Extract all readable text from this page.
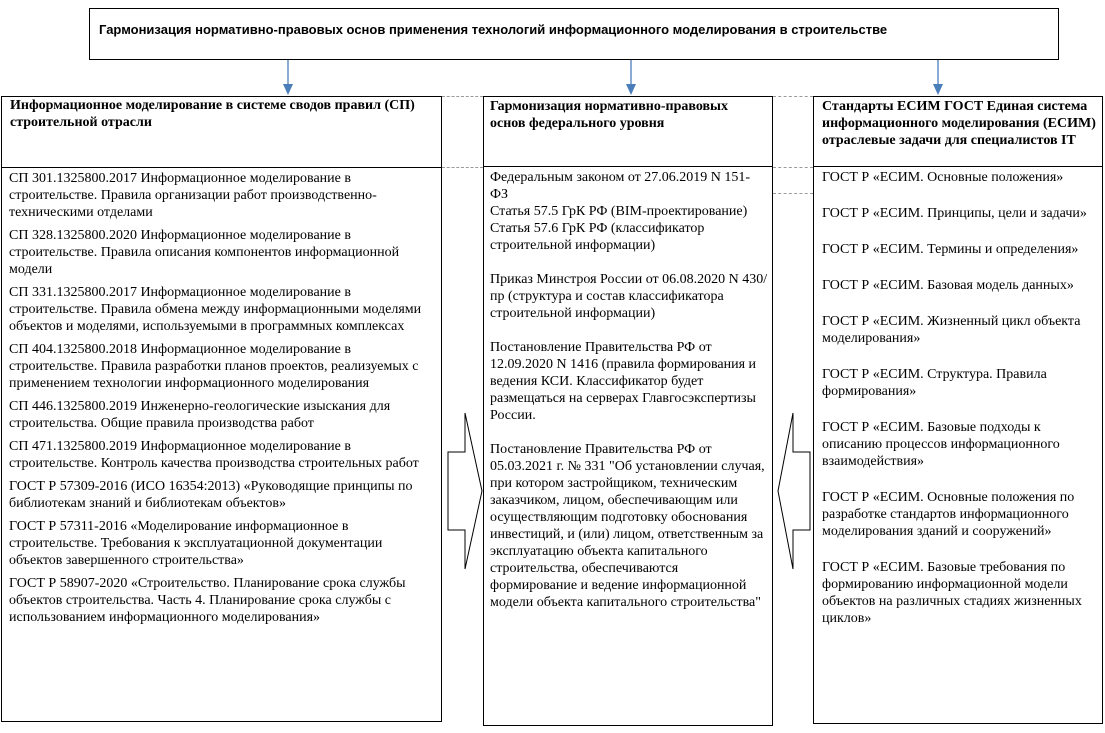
Гармонизация нормативно-правовых основ применения технологий информационного моделирования в строительстве
Информационное моделирование в системе сводов правил (СП) строительной отрасли
СП 301.1325800.2017 Информационное моделирование в строительстве. Правила организации работ производственно-техническими отделами
СП 328.1325800.2020 Информационное моделирование в строительстве. Правила описания компонентов информационной модели
СП 331.1325800.2017 Информационное моделирование в строительстве. Правила обмена между информационными моделями объектов и моделями, используемыми в программных комплексах
СП 404.1325800.2018 Информационное моделирование в строительстве. Правила разработки планов проектов, реализуемых с применением технологии информационного моделирования
СП 446.1325800.2019 Инженерно-геологические изыскания для строительства. Общие правила производства работ
СП 471.1325800.2019 Информационное моделирование в строительстве. Контроль качества производства строительных работ
ГОСТ Р 57309-2016 (ИСО 16354:2013) «Руководящие принципы по библиотекам знаний и библиотекам объектов»
ГОСТ Р 57311-2016 «Моделирование информационное в строительстве. Требования к эксплуатационной документации объектов завершенного строительства»
ГОСТ Р 58907-2020 «Строительство. Планирование срока службы объектов строительства. Часть 4. Планирование срока службы с использованием информационного моделирования»
Гармонизация нормативно-правовых основ федерального уровня
Федеральным законом от 27.06.2019 N 151-ФЗ
Статья 57.5 ГрК РФ (BIM-проектирование)
Статья 57.6 ГрК РФ (классификатор строительной информации)
Приказ Минстроя России от 06.08.2020 N 430/пр (структура и состав классификатора строительной информации)
Постановление Правительства РФ от 12.09.2020 N 1416 (правила формирования и ведения КСИ. Классификатор будет размещаться на серверах Главгосэкспертизы России.
Постановление Правительства РФ от 05.03.2021 г. № 331 "Об установлении случая, при котором застройщиком, техническим заказчиком, лицом, обеспечивающим или осуществляющим подготовку обоснования инвестиций, и (или) лицом, ответственным за эксплуатацию объекта капитального строительства, обеспечиваются формирование и ведение информационной модели объекта капитального строительства"
Стандарты ЕСИМ ГОСТ Единая система информационного моделирования (ЕСИМ) отраслевые задачи для специалистов IT
ГОСТ Р «ЕСИМ. Основные положения»
ГОСТ Р «ЕСИМ. Принципы, цели и задачи»
ГОСТ Р «ЕСИМ. Термины и определения»
ГОСТ Р «ЕСИМ. Базовая модель данных»
ГОСТ Р «ЕСИМ. Жизненный цикл объекта моделирования»
ГОСТ Р «ЕСИМ. Структура. Правила формирования»
ГОСТ Р «ЕСИМ. Базовые подходы к описанию процессов информационного взаимодействия»
ГОСТ Р «ЕСИМ. Основные положения по разработке стандартов информационного моделирования зданий и сооружений»
ГОСТ Р «ЕСИМ. Базовые требования по формированию информационной модели объектов на различных стадиях жизненных циклов»
